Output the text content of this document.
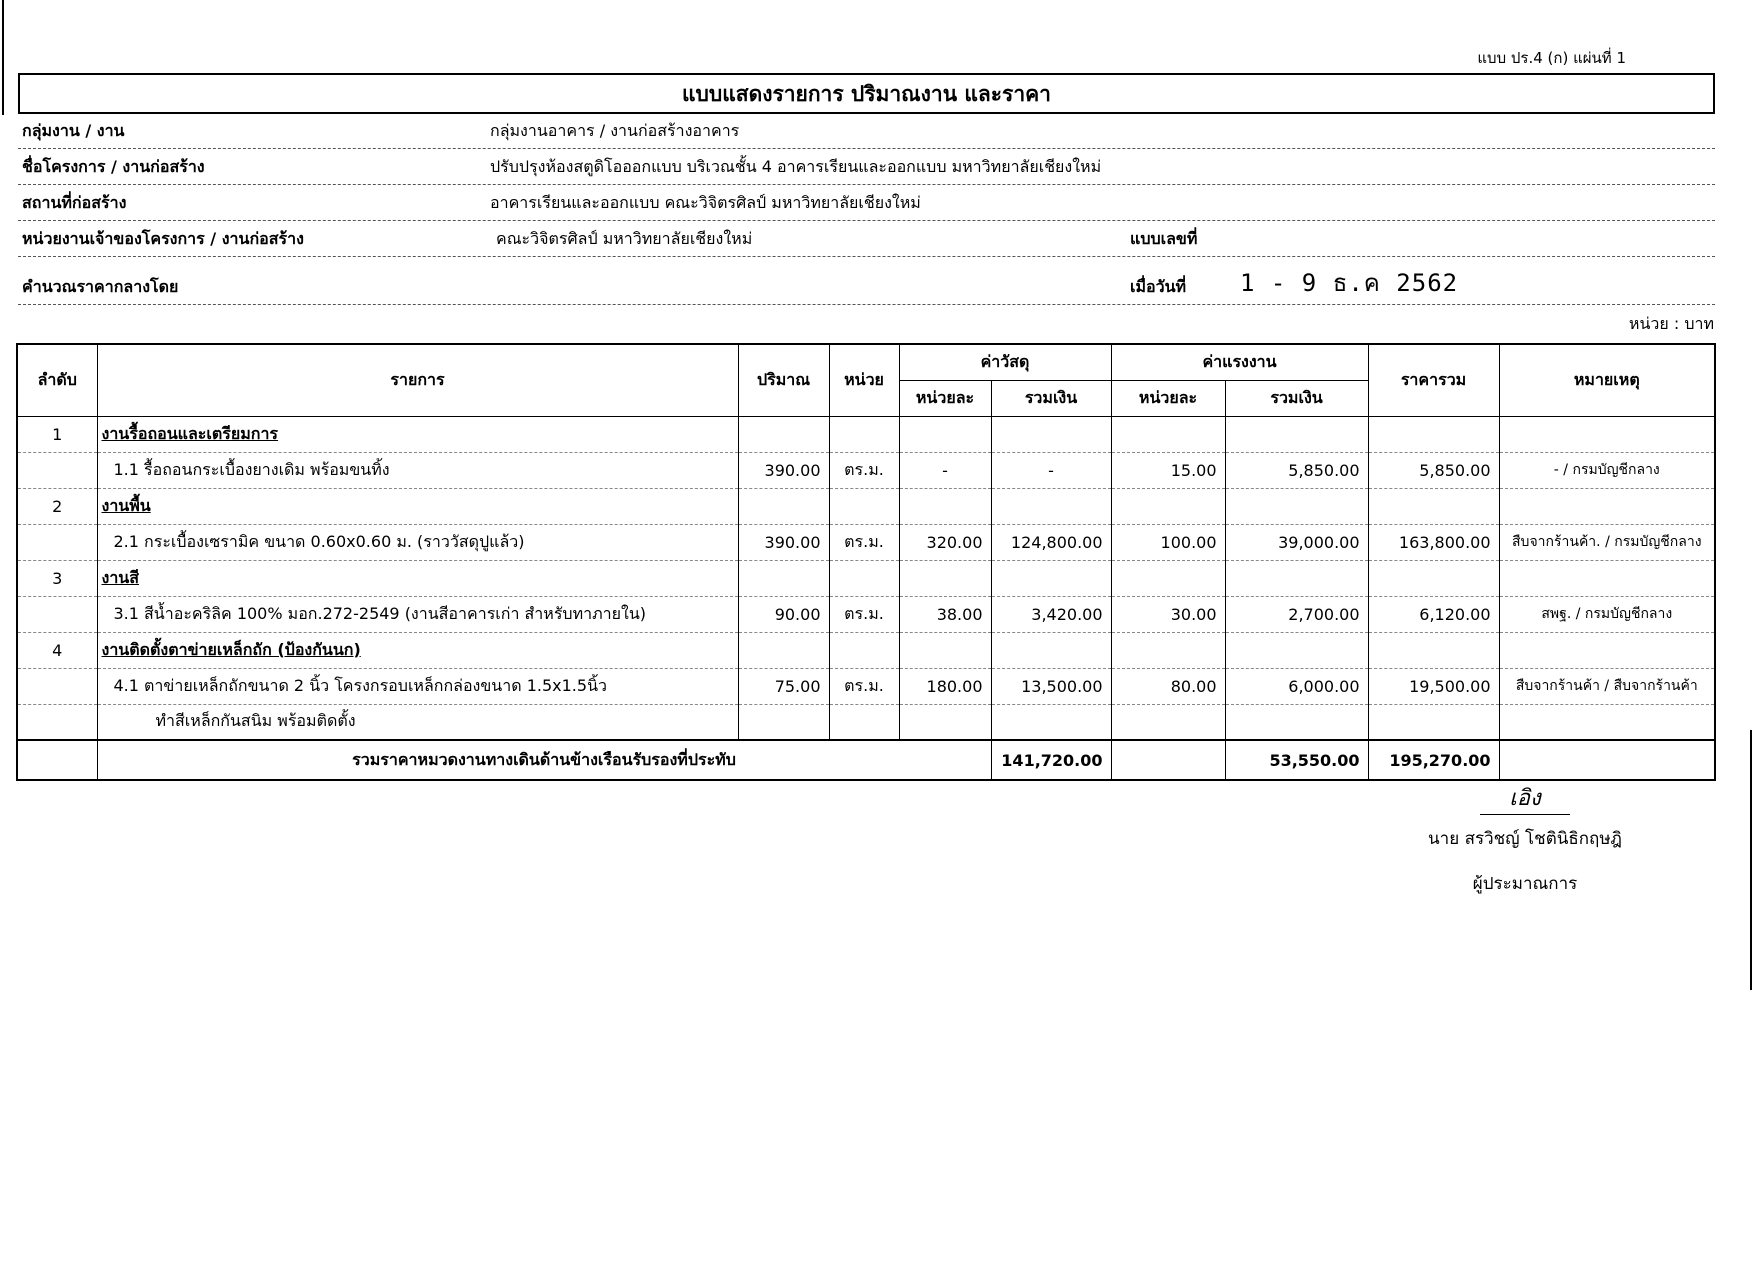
แบบ ปร.4 (ก) แผ่นที่ 1
แบบแสดงรายการ ปริมาณงาน และราคา
กลุ่มงาน / งาน	กลุ่มงานอาคาร / งานก่อสร้างอาคาร
ชื่อโครงการ / งานก่อสร้าง	ปรับปรุงห้องสตูดิโอออกแบบ บริเวณชั้น 4 อาคารเรียนและออกแบบ มหาวิทยาลัยเชียงใหม่
สถานที่ก่อสร้าง	อาคารเรียนและออกแบบ คณะวิจิตรศิลป์ มหาวิทยาลัยเชียงใหม่
หน่วยงานเจ้าของโครงการ / งานก่อสร้าง	คณะวิจิตรศิลป์ มหาวิทยาลัยเชียงใหม่	แบบเลขที่
คำนวณราคากลางโดย	เมื่อวันที่ 1 - 9 ธ.ค 2562
หน่วย : บาท
ลำดับ	รายการ	ปริมาณ	หน่วย	ค่าวัสดุ		ค่าแรงงาน		ราคารวม	หมายเหตุ
				หน่วยละ	รวมเงิน	หน่วยละ	รวมเงิน		
1	งานรื้อถอนและเตรียมการ								
	1.1 รื้อถอนกระเบื้องยางเดิม พร้อมขนทิ้ง	390.00	ตร.ม.	-	-	15.00	5,850.00	5,850.00	- / กรมบัญชีกลาง
2	งานพื้น								
	2.1 กระเบื้องเซรามิค ขนาด 0.60x0.60 ม. (ราววัสดุปูแล้ว)	390.00	ตร.ม.	320.00	124,800.00	100.00	39,000.00	163,800.00	สืบจากร้านค้า. / กรมบัญชีกลาง
3	งานสี								
	3.1 สีน้ำอะคริลิค 100% มอก.272-2549 (งานสีอาคารเก่า สำหรับทาภายใน)	90.00	ตร.ม.	38.00	3,420.00	30.00	2,700.00	6,120.00	สพฐ. / กรมบัญชีกลาง
4	งานติดตั้งตาข่ายเหล็กถัก (ป้องกันนก)								
	4.1 ตาข่ายเหล็กถักขนาด 2 นิ้ว โครงกรอบเหล็กกล่องขนาด 1.5x1.5นิ้ว	75.00	ตร.ม.	180.00	13,500.00	80.00	6,000.00	19,500.00	สืบจากร้านค้า / สืบจากร้านค้า
	ทำสีเหล็กกันสนิม พร้อมติดตั้ง								
	รวมราคาหมวดงานทางเดินด้านข้างเรือนรับรองที่ประทับ				141,720.00		53,550.00	195,270.00	
เอิง
นาย สรวิชญ์ โชตินิธิกฤษฎิ
ผู้ประมาณการ
